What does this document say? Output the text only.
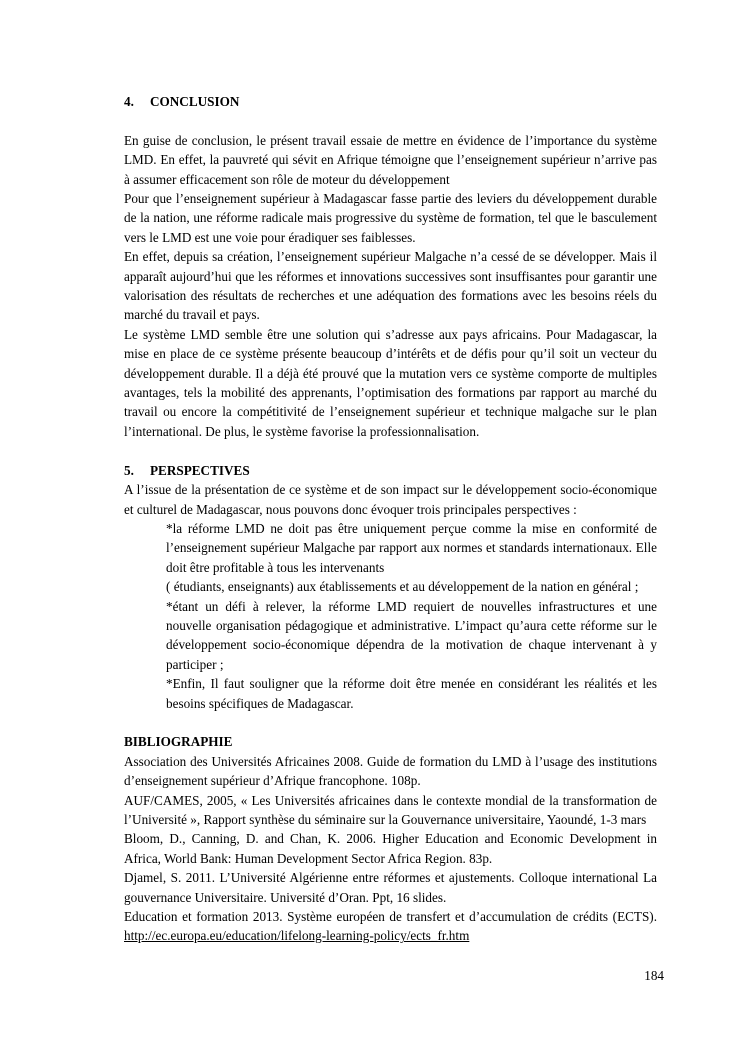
4. CONCLUSION

En guise de conclusion, le présent travail essaie de mettre en évidence de l’importance du système LMD. En effet, la pauvreté qui sévit en Afrique témoigne que l’enseignement supérieur n’arrive pas à assumer efficacement son rôle de moteur du développement

Pour que l’enseignement supérieur à Madagascar fasse partie des leviers du développement durable de la nation, une réforme radicale mais progressive du système de formation, tel que le basculement vers le LMD est une voie pour éradiquer ses faiblesses.

En effet, depuis sa création, l’enseignement supérieur Malgache n’a cessé de se développer. Mais il apparaît aujourd’hui que les réformes et innovations successives sont insuffisantes pour garantir une valorisation des résultats de recherches et une adéquation des formations avec les besoins réels du marché du travail et pays.

Le système LMD semble être une solution qui s’adresse aux pays africains. Pour Madagascar, la mise en place de ce système présente beaucoup d’intérêts et de défis pour qu’il soit un vecteur du développement durable. Il a déjà été prouvé que la mutation vers ce système comporte de multiples avantages, tels la mobilité des apprenants, l’optimisation des formations par rapport au marché du travail ou encore la compétitivité de l’enseignement supérieur et technique malgache sur le plan l’international. De plus, le système favorise la professionnalisation.

5. PERSPECTIVES

A l’issue de la présentation de ce système et de son impact sur le développement socio-économique et culturel de Madagascar, nous pouvons donc évoquer trois principales perspectives :

*la réforme LMD ne doit pas être uniquement perçue comme la mise en conformité de l’enseignement supérieur Malgache par rapport aux normes et standards internationaux. Elle doit être profitable à tous les intervenants

( étudiants, enseignants) aux établissements et au développement de la nation en général ;

*étant un défi à relever, la réforme LMD requiert de nouvelles infrastructures et une nouvelle organisation pédagogique et administrative. L’impact qu’aura cette réforme sur le développement socio-économique dépendra de la motivation de chaque intervenant à y participer ;

*Enfin, Il faut souligner que la réforme doit être menée en considérant les réalités et les besoins spécifiques de Madagascar.

BIBLIOGRAPHIE

Association des Universités Africaines 2008. Guide de formation du LMD à l’usage des institutions d’enseignement supérieur d’Afrique francophone. 108p.

AUF/CAMES, 2005, « Les Universités africaines dans le contexte mondial de la transformation de l’Université », Rapport synthèse du séminaire sur la Gouvernance universitaire, Yaoundé, 1-3 mars

Bloom, D., Canning, D. and Chan, K. 2006. Higher Education and Economic Development in Africa, World Bank: Human Development Sector Africa Region. 83p.

Djamel, S. 2011. L’Université Algérienne entre réformes et ajustements. Colloque international La gouvernance Universitaire. Université d’Oran. Ppt, 16 slides.

Education et formation 2013. Système européen de transfert et d’accumulation de crédits (ECTS). http://ec.europa.eu/education/lifelong-learning-policy/ects_fr.htm

184
